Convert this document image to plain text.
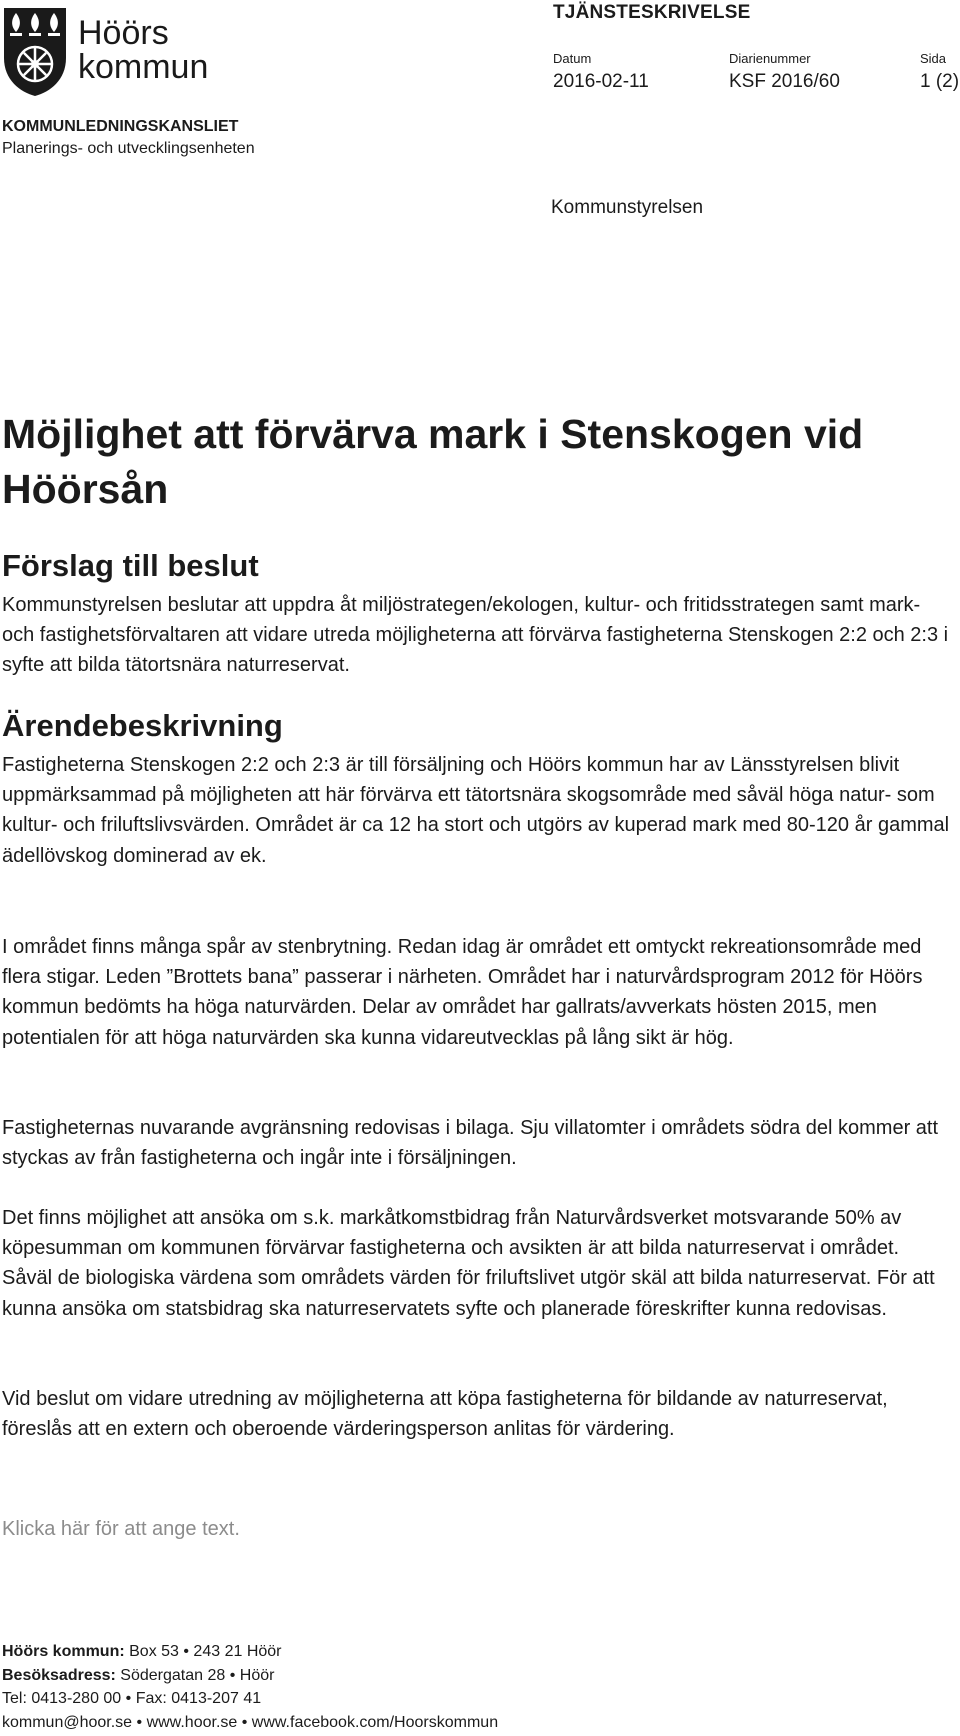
Höörs
kommun
TJÄNSTESKRIVELSE
Datum
2016-02-11
Diarienummer
KSF 2016/60
Sida
1 (2)
KOMMUNLEDNINGSKANSLIET
Planerings- och utvecklingsenheten
Kommunstyrelsen
Möjlighet att förvärva mark i Stenskogen vid Höörsån
Förslag till beslut

Kommunstyrelsen beslutar att uppdra åt miljöstrategen/ekologen, kultur- och fritidsstrategen samt mark- och fastighetsförvaltaren att vidare utreda möjligheterna att förvärva fastigheterna Stenskogen 2:2 och 2:3 i syfte att bilda tätortsnära naturreservat.

Ärendebeskrivning
Fastigheterna Stenskogen 2:2 och 2:3 är till försäljning och Höörs kommun har av Länsstyrelsen blivit uppmärksammad på möjligheten att här förvärva ett tätortsnära skogsområde med såväl höga natur- som kultur- och friluftslivsvärden. Området är ca 12 ha stort och utgörs av kuperad mark med 80-120 år gammal ädellövskog dominerad av ek.
I området finns många spår av stenbrytning. Redan idag är området ett omtyckt rekreationsområde med flera stigar. Leden ”Brottets bana” passerar i närheten. Området har i naturvårdsprogram 2012 för Höörs kommun bedömts ha höga naturvärden. Delar av området har gallrats/avverkats hösten 2015, men potentialen för att höga naturvärden ska kunna vidareutvecklas på lång sikt är hög.
Fastigheternas nuvarande avgränsning redovisas i bilaga. Sju villatomter i områdets södra del kommer att styckas av från fastigheterna och ingår inte i försäljningen.
Det finns möjlighet att ansöka om s.k. markåtkomstbidrag från Naturvårdsverket motsvarande 50% av köpesumman om kommunen förvärvar fastigheterna och avsikten är att bilda naturreservat i området. Såväl de biologiska värdena som områdets värden för friluftslivet utgör skäl att bilda naturreservat. För att kunna ansöka om statsbidrag ska naturreservatets syfte och planerade föreskrifter kunna redovisas.
Vid beslut om vidare utredning av möjligheterna att köpa fastigheterna för bildande av naturreservat, föreslås att en extern och oberoende värderingsperson anlitas för värdering.
Klicka här för att ange text.
Höörs kommun: Box 53 • 243 21 Höör
Besöksadress: Södergatan 28 • Höör
Tel: 0413-280 00 • Fax: 0413-207 41
kommun@hoor.se • www.hoor.se • www.facebook.com/Hoorskommun
